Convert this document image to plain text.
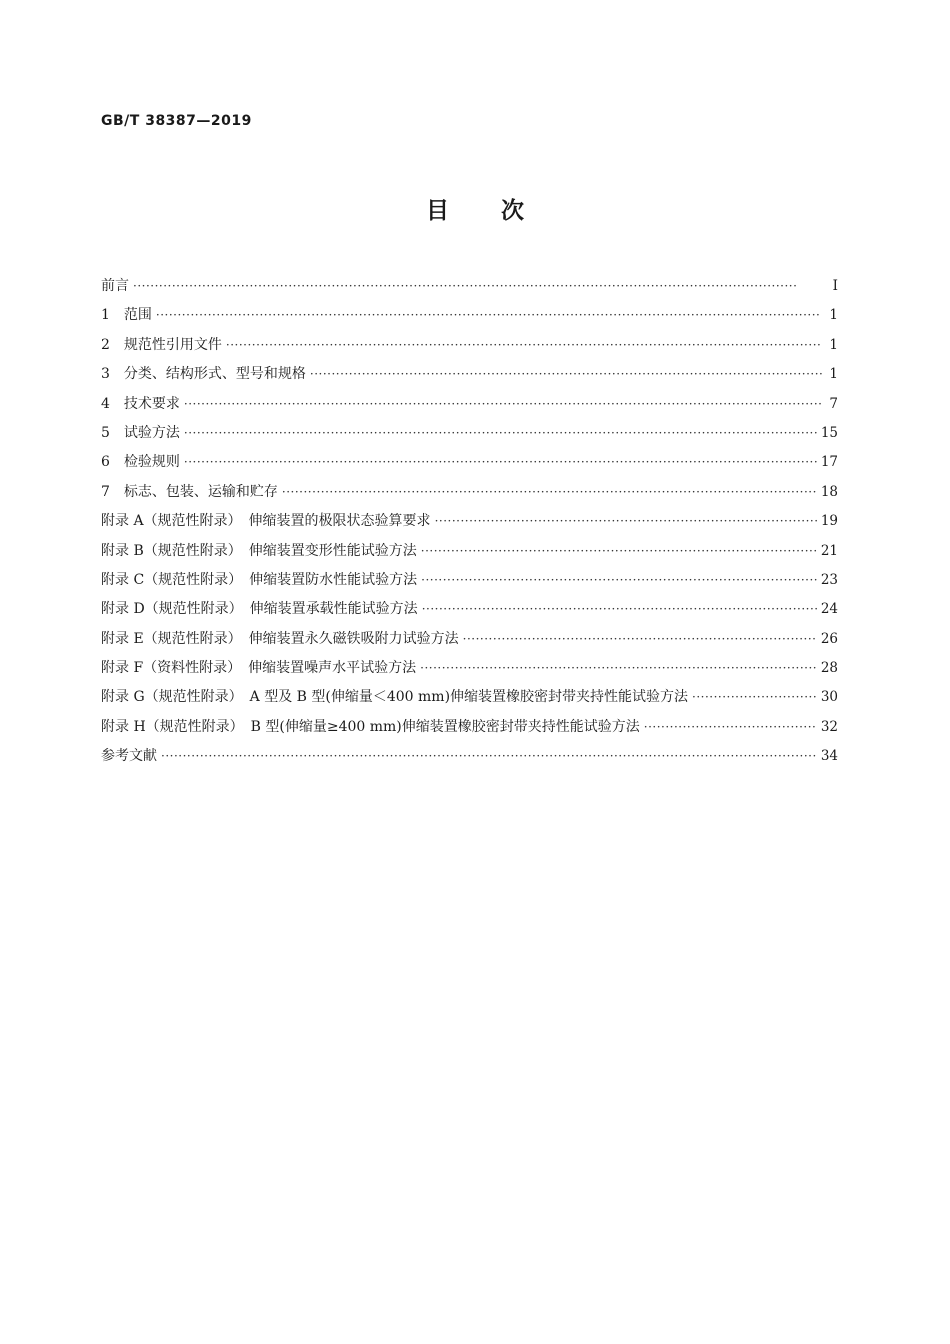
GB/T 38387—2019
目 次
前言 ·····	Ⅰ
1　范围 ·····	1
2　规范性引用文件 ·····	1
3　分类、结构形式、型号和规格 ·····	1
4　技术要求 ·····	7
5　试验方法 ·····	15
6　检验规则 ·····	17
7　标志、包装、运输和贮存 ·····	18
附录 A（规范性附录）　伸缩装置的极限状态验算要求 ·····	19
附录 B（规范性附录）　伸缩装置变形性能试验方法 ·····	21
附录 C（规范性附录）　伸缩装置防水性能试验方法 ·····	23
附录 D（规范性附录）　伸缩装置承载性能试验方法 ·····	24
附录 E（规范性附录）　伸缩装置永久磁铁吸附力试验方法 ·····	26
附录 F（资料性附录）　伸缩装置噪声水平试验方法 ·····	28
附录 G（规范性附录）　A 型及 B 型(伸缩量＜400 mm)伸缩装置橡胶密封带夹持性能试验方法 ·····	30
附录 H（规范性附录）　B 型(伸缩量≥400 mm)伸缩装置橡胶密封带夹持性能试验方法 ·····	32
参考文献 ·····	34
